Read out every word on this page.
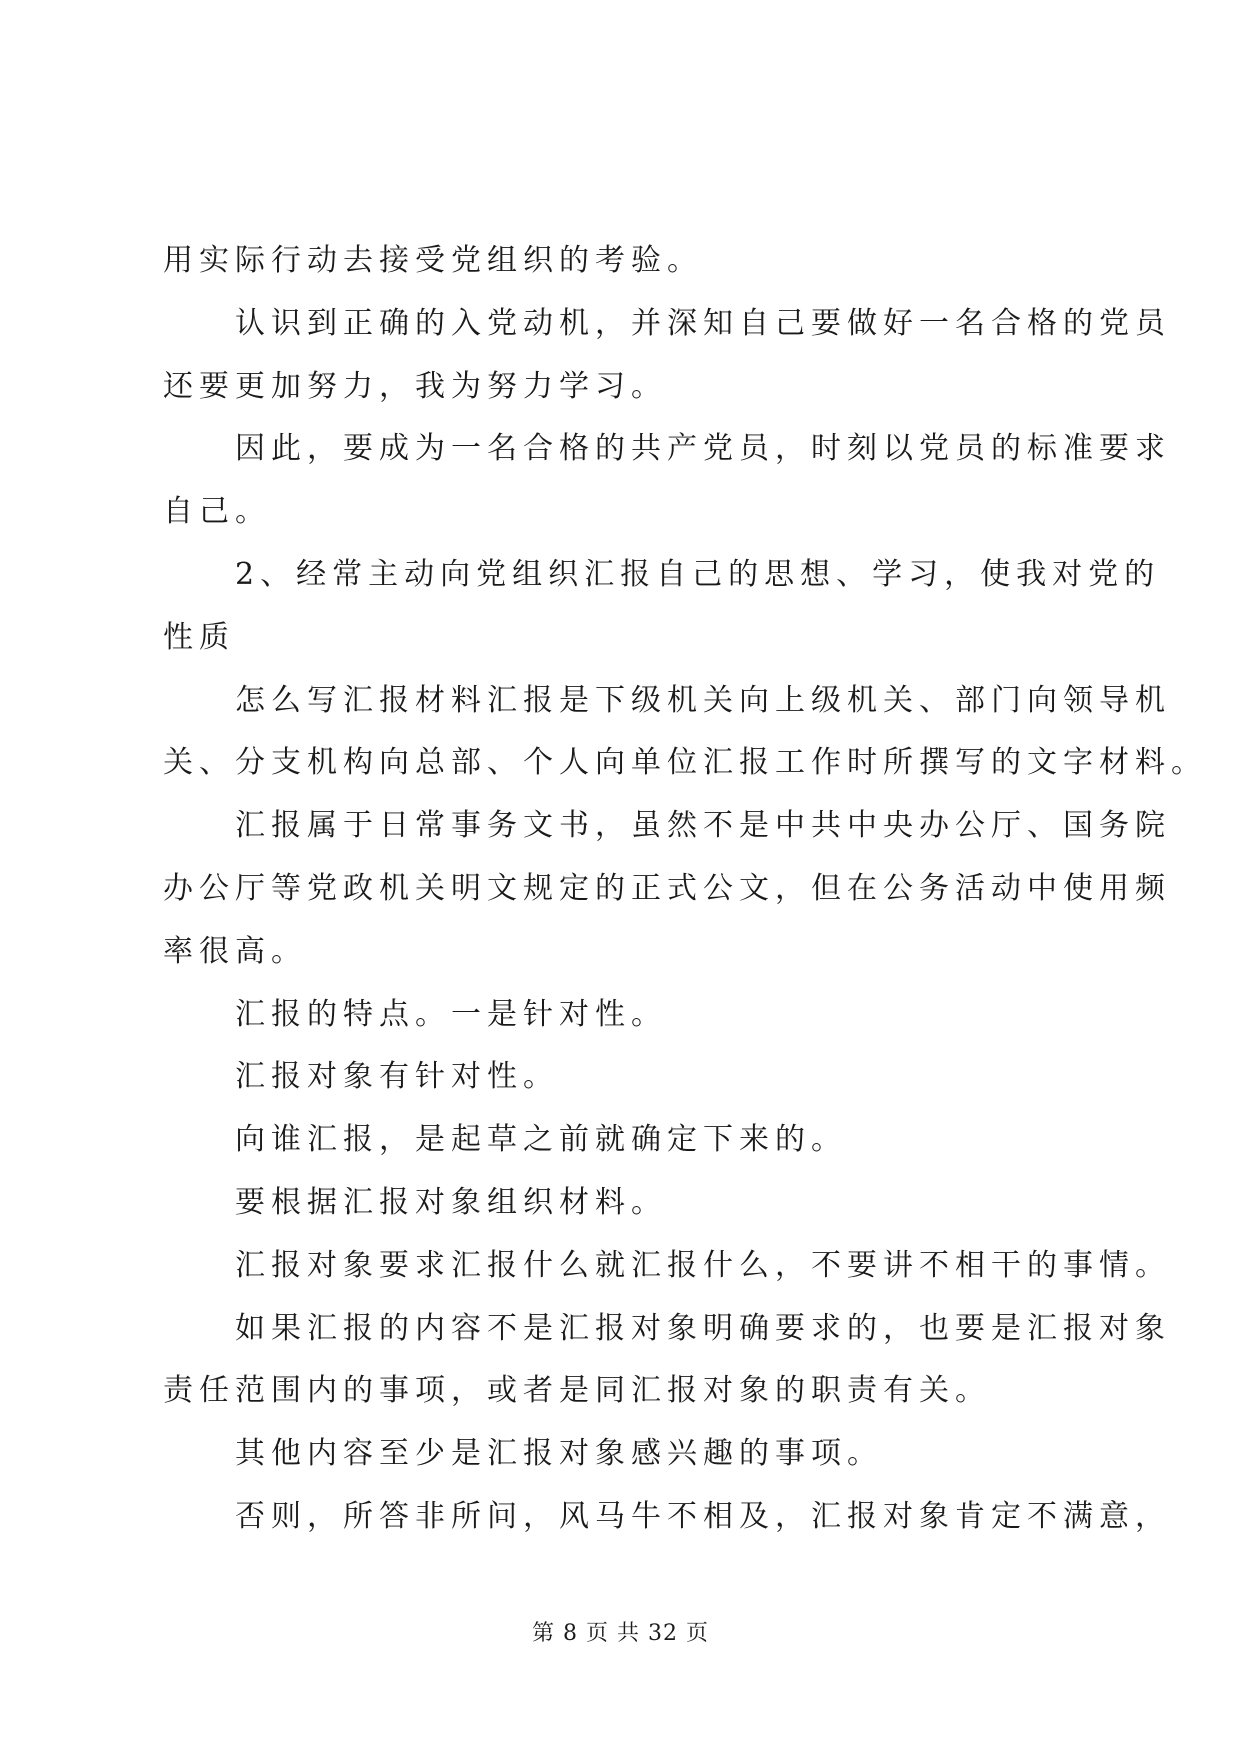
用实际行动去接受党组织的考验。
认识到正确的入党动机，并深知自己要做好一名合格的党员
还要更加努力，我为努力学习。
因此，要成为一名合格的共产党员，时刻以党员的标准要求
自己。
2、经常主动向党组织汇报自己的思想、学习，使我对党的
性质
怎么写汇报材料汇报是下级机关向上级机关、部门向领导机
关、分支机构向总部、个人向单位汇报工作时所撰写的文字材料。
汇报属于日常事务文书，虽然不是中共中央办公厅、国务院
办公厅等党政机关明文规定的正式公文，但在公务活动中使用频
率很高。
汇报的特点。一是针对性。
汇报对象有针对性。
向谁汇报，是起草之前就确定下来的。
要根据汇报对象组织材料。
汇报对象要求汇报什么就汇报什么，不要讲不相干的事情。
如果汇报的内容不是汇报对象明确要求的，也要是汇报对象
责任范围内的事项，或者是同汇报对象的职责有关。
其他内容至少是汇报对象感兴趣的事项。
否则，所答非所问，风马牛不相及，汇报对象肯定不满意，
第 8 页 共 32 页
